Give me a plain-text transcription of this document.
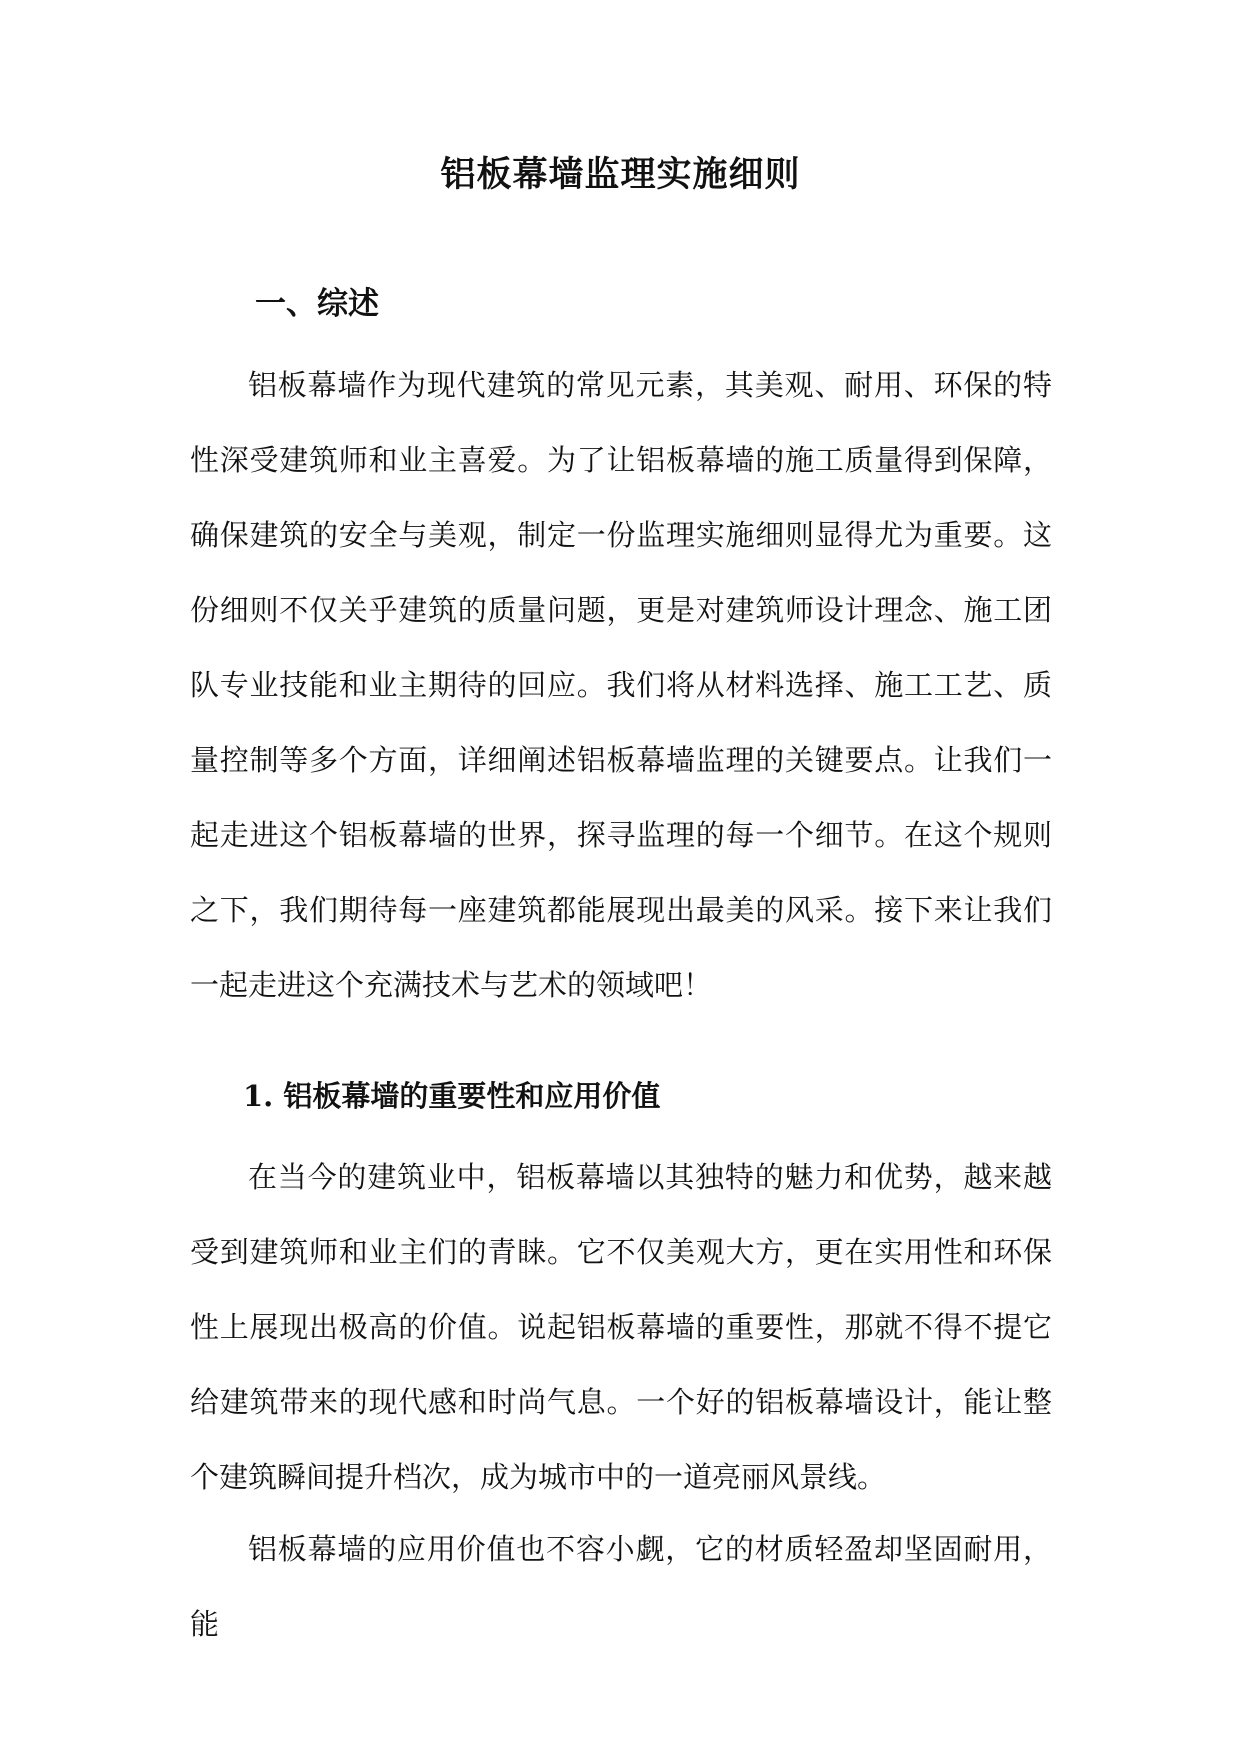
铝板幕墙监理实施细则
一、综述

铝板幕墙作为现代建筑的常见元素，其美观、耐用、环保的特性深受建筑师和业主喜爱。为了让铝板幕墙的施工质量得到保障，确保建筑的安全与美观，制定一份监理实施细则显得尤为重要。这份细则不仅关乎建筑的质量问题，更是对建筑师设计理念、施工团队专业技能和业主期待的回应。我们将从材料选择、施工工艺、质量控制等多个方面，详细阐述铝板幕墙监理的关键要点。让我们一起走进这个铝板幕墙的世界，探寻监理的每一个细节。在这个规则之下，我们期待每一座建筑都能展现出最美的风采。接下来让我们一起走进这个充满技术与艺术的领域吧！

1. 铝板幕墙的重要性和应用价值

在当今的建筑业中，铝板幕墙以其独特的魅力和优势，越来越受到建筑师和业主们的青睐。它不仅美观大方，更在实用性和环保性上展现出极高的价值。说起铝板幕墙的重要性，那就不得不提它给建筑带来的现代感和时尚气息。一个好的铝板幕墙设计，能让整个建筑瞬间提升档次，成为城市中的一道亮丽风景线。

铝板幕墙的应用价值也不容小觑，它的材质轻盈却坚固耐用，能
